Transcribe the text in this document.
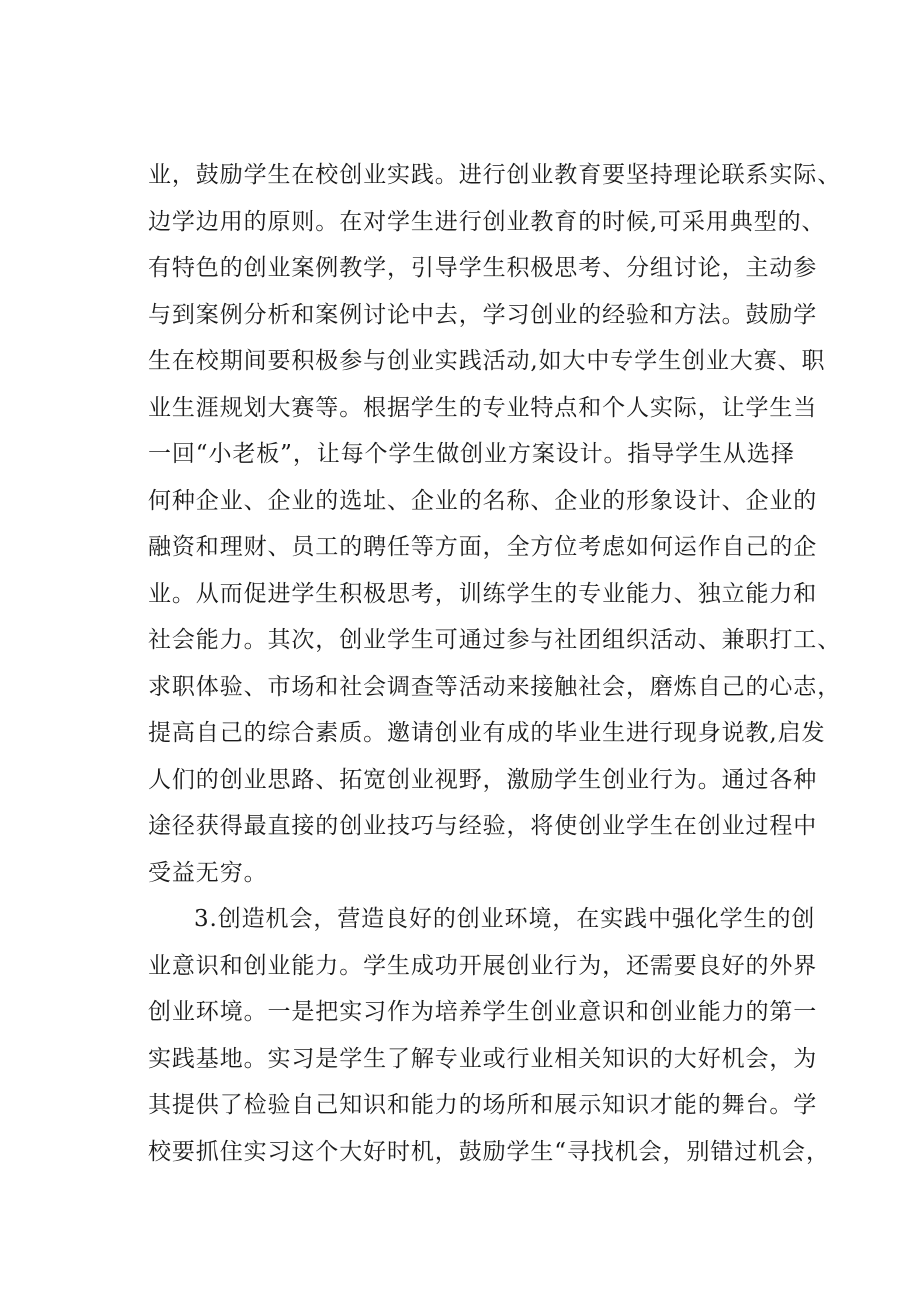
业，鼓励学生在校创业实践。进行创业教育要坚持理论联系实际、
边学边用的原则。在对学生进行创业教育的时候,可采用典型的、
有特色的创业案例教学，引导学生积极思考、分组讨论，主动参
与到案例分析和案例讨论中去，学习创业的经验和方法。鼓励学
生在校期间要积极参与创业实践活动,如大中专学生创业大赛、职
业生涯规划大赛等。根据学生的专业特点和个人实际，让学生当
一回“小老板”，让每个学生做创业方案设计。指导学生从选择
何种企业、企业的选址、企业的名称、企业的形象设计、企业的
融资和理财、员工的聘任等方面，全方位考虑如何运作自己的企
业。从而促进学生积极思考，训练学生的专业能力、独立能力和
社会能力。其次，创业学生可通过参与社团组织活动、兼职打工、
求职体验、市场和社会调查等活动来接触社会，磨炼自己的心志，
提高自己的综合素质。邀请创业有成的毕业生进行现身说教,启发
人们的创业思路、拓宽创业视野，激励学生创业行为。通过各种
途径获得最直接的创业技巧与经验，将使创业学生在创业过程中
受益无穷。
3.创造机会，营造良好的创业环境，在实践中强化学生的创
业意识和创业能力。学生成功开展创业行为，还需要良好的外界
创业环境。一是把实习作为培养学生创业意识和创业能力的第一
实践基地。实习是学生了解专业或行业相关知识的大好机会，为
其提供了检验自己知识和能力的场所和展示知识才能的舞台。学
校要抓住实习这个大好时机，鼓励学生“寻找机会，别错过机会，
